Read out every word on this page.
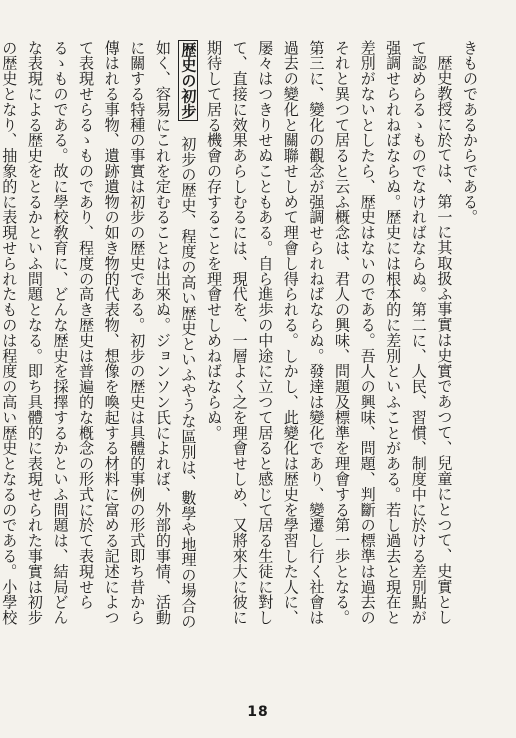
きものであるからである。

歴史教授に於ては、第一に其取扱ふ事實は史實であつて、兒童にとつて、史實として認めらるゝものでなければならぬ。第二に、人民、習慣、制度中に於ける差別點が强調せられねばならぬ。歴史には根本的に差別といふことがある。若し過去と現在と差別がないとしたら、歴史はないのである。吾人の興味、問題、判斷の標準は過去のそれと異つて居ると云ふ概念は、君人の興味、問題及標準を理會する第一歩となる。第三に、變化の觀念が强調せられねばならぬ。發達は變化であり、變遷し行く社會は過去の變化と關聯せしめて理會し得られる。しかし、此變化は歴史を學習した人に、屡々はつきりせぬこともある。自ら進歩の中途に立つて居ると感じて居る生徒に對して、直接に效果あらしむるには、現代を、一層よく之を理會せしめ、又將來大に彼に期待して居る機會の存することを理會せしめねばならぬ。

歴史の初步初步の歴史、程度の高い歴史といふやうな區別は、數學や地理の場合の如く、容易にこれを定むることは出來ぬ。ジョンソン氏によれば、外部的事情、活動に關する特種の事實は初步の歴史である。初步の歴史は具體的事例の形式即ち昔から傳はれる事物、遺跡遺物の如き物的代表物、想像を喚起する材料に富める記述によつて表現せらるゝものであり、程度の高き歴史は普遍的な槪念の形式に於て表現せらるゝものである。故に學校敎育に、どんな歴史を採擇するかといふ問題は、結局どんな表現による歴史をとるかといふ問題となる。即ち具體的に表現せられた事實は初步の歴史となり、抽象的に表現せられたものは程度の高い歴史となるのである。小學校

18
